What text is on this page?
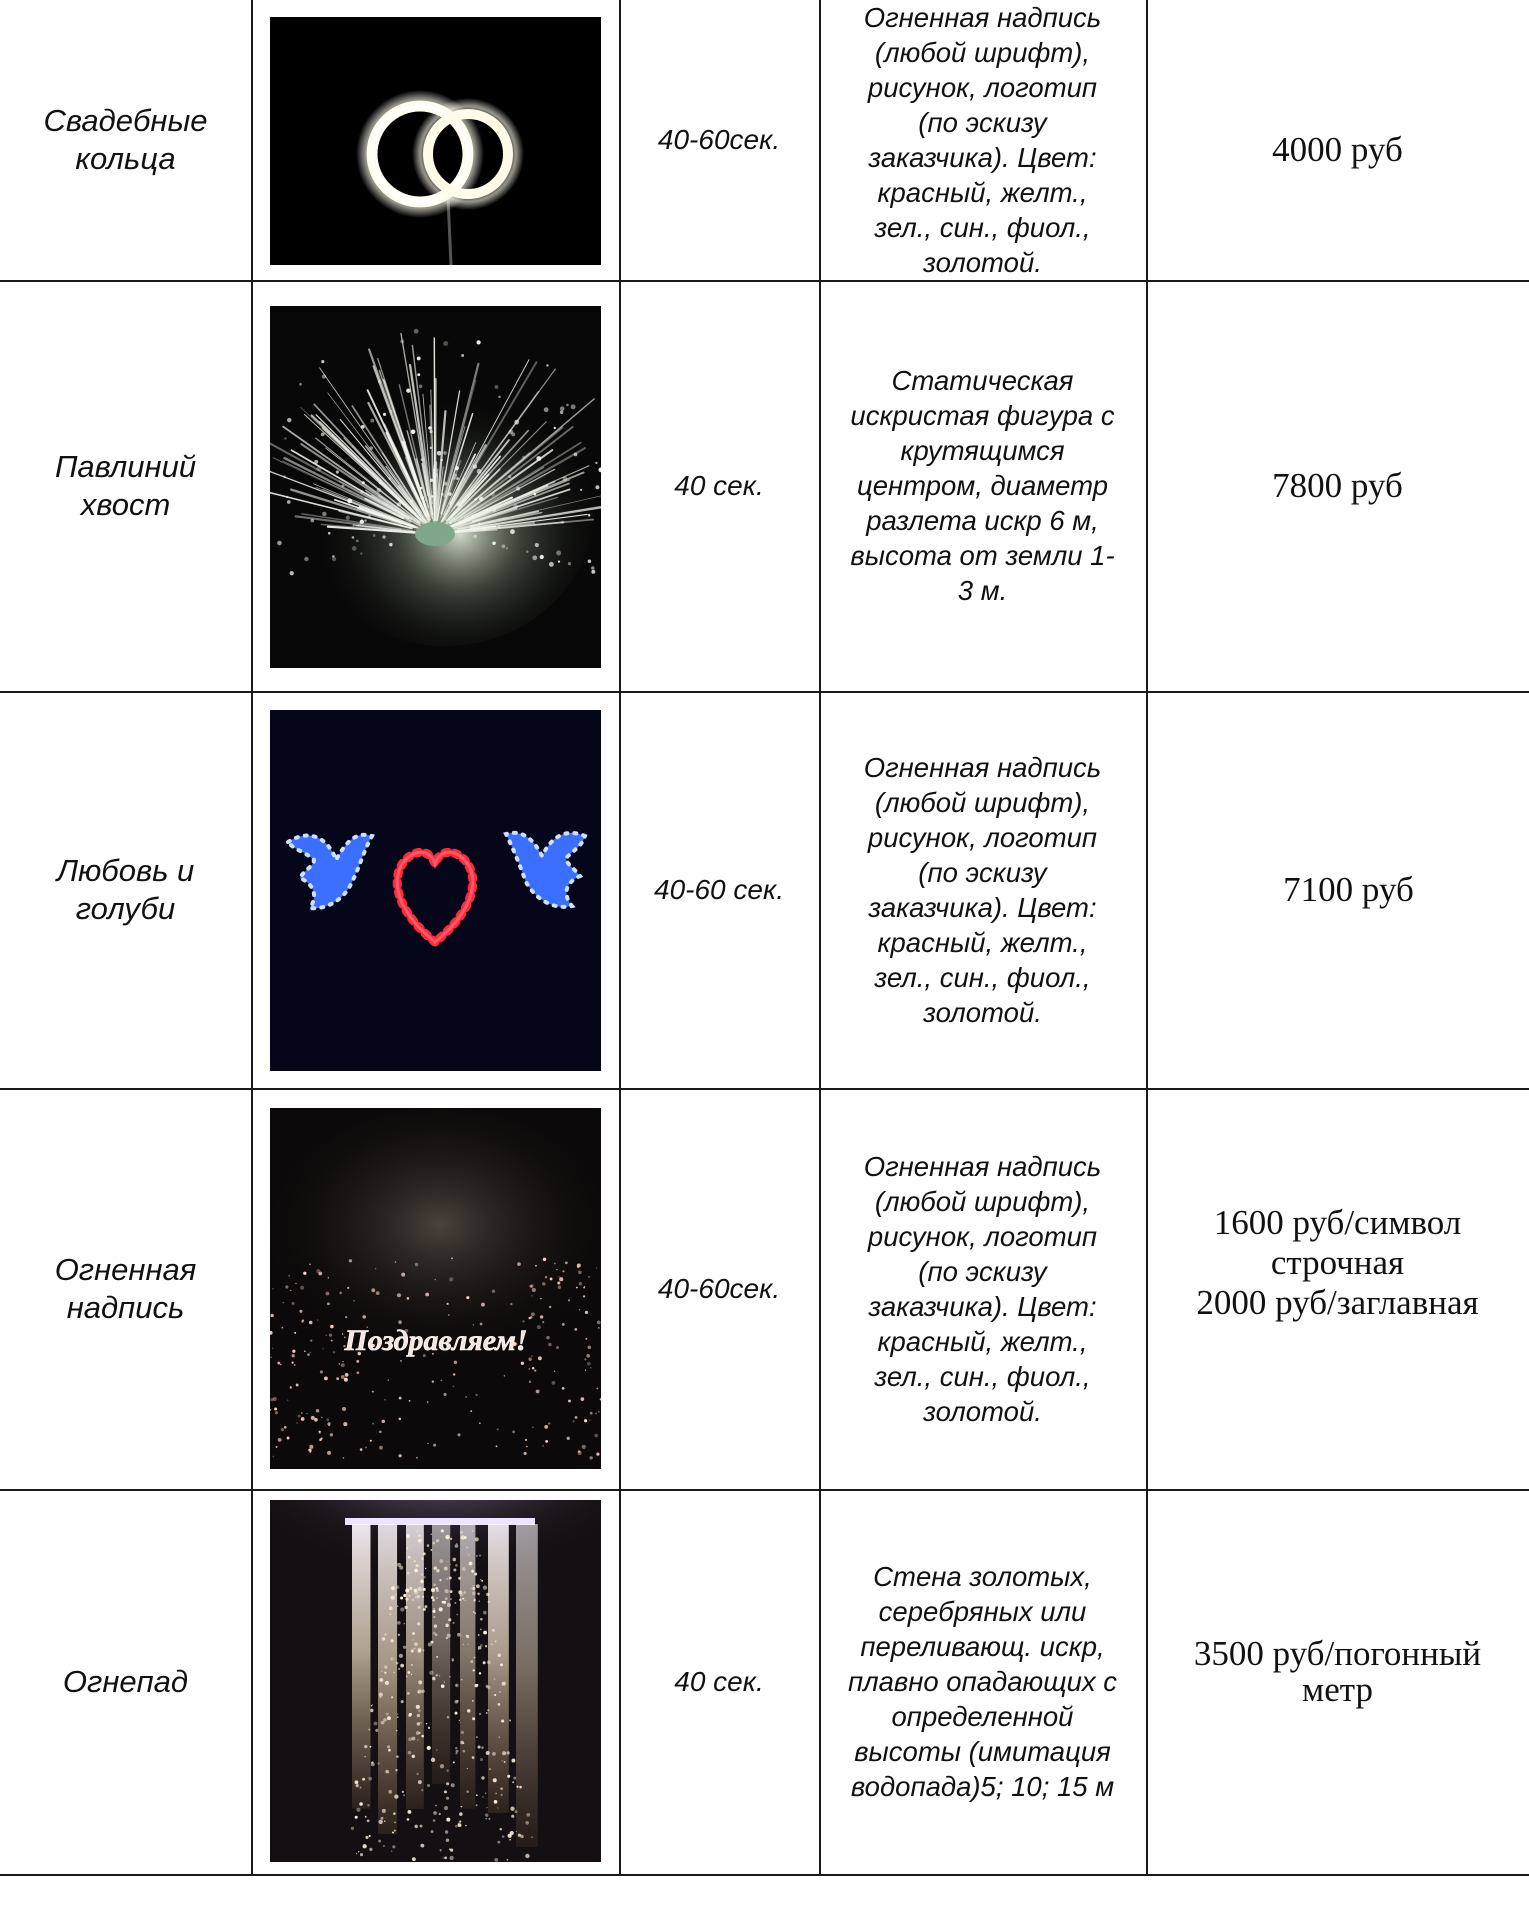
Свадебные
кольца
40-60сек.
Огненная надпись
(любой шрифт),
рисунок, логотип
(по эскизу
заказчика). Цвет:
красный, желт.,
зел., син., фиол.,
золотой.
4000 руб
Павлиний
хвост
40 сек.
Статическая
искристая фигура с
крутящимся
центром, диаметр
разлета искр 6 м,
высота от земли 1-
3 м.
7800 руб
Любовь и
голуби
40-60 сек.
Огненная надпись
(любой шрифт),
рисунок, логотип
(по эскизу
заказчика). Цвет:
красный, желт.,
зел., син., фиол.,
золотой.
7100 руб
Огненная
надпись
Поздравляем!
40-60сек.
Огненная надпись
(любой шрифт),
рисунок, логотип
(по эскизу
заказчика). Цвет:
красный, желт.,
зел., син., фиол.,
золотой.
1600 руб/символ
строчная
2000 руб/заглавная
Огнепад	40 сек.
Стена золотых,
серебряных или
переливающ. искр,
плавно опадающих с
определенной
высоты (имитация
водопада)5; 10; 15 м
3500 руб/погонный
метр
